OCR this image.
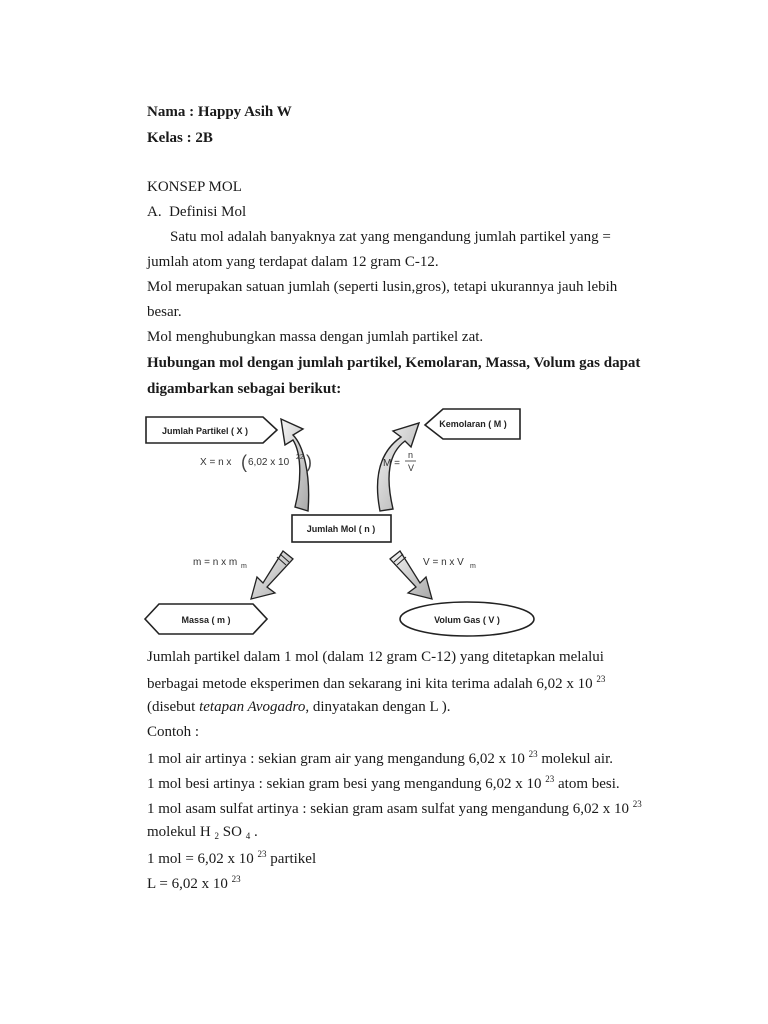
Nama : Happy Asih W
Kelas : 2B
KONSEP MOL
A. Definisi Mol
Satu mol adalah banyaknya zat yang mengandung jumlah partikel yang =
jumlah atom yang terdapat dalam 12 gram C-12.
Mol merupakan satuan jumlah (seperti lusin,gros), tetapi ukurannya jauh lebih
besar.
Mol menghubungkan massa dengan jumlah partikel zat.
Hubungan mol dengan jumlah partikel, Kemolaran, Massa, Volum gas dapat
digambarkan sebagai berikut:
Jumlah Partikel ( X )
Kemolaran ( M )
X = n x ( 6,02 x 10 22 )	M =
n
V
Jumlah Mol ( n )
m = n x m m	V = n x V m
Massa ( m )	Volum Gas ( V )
Jumlah partikel dalam 1 mol (dalam 12 gram C-12) yang ditetapkan melalui
berbagai metode eksperimen dan sekarang ini kita terima adalah 6,02 x 10 $^{23}$
(disebut tetapan Avogadro, dinyatakan dengan L ).
Contoh :
1 mol air artinya : sekian gram air yang mengandung 6,02 x 10 $^{23}$ molekul air.
1 mol besi artinya : sekian gram besi yang mengandung 6,02 x 10 $^{23}$ atom besi.
1 mol asam sulfat artinya : sekian gram asam sulfat yang mengandung 6,02 x 10 $^{23}$
molekul H $_2$ SO $_4$ .
1 mol = 6,02 x 10 $^{23}$ partikel
L = 6,02 x 10 $^{23}$
